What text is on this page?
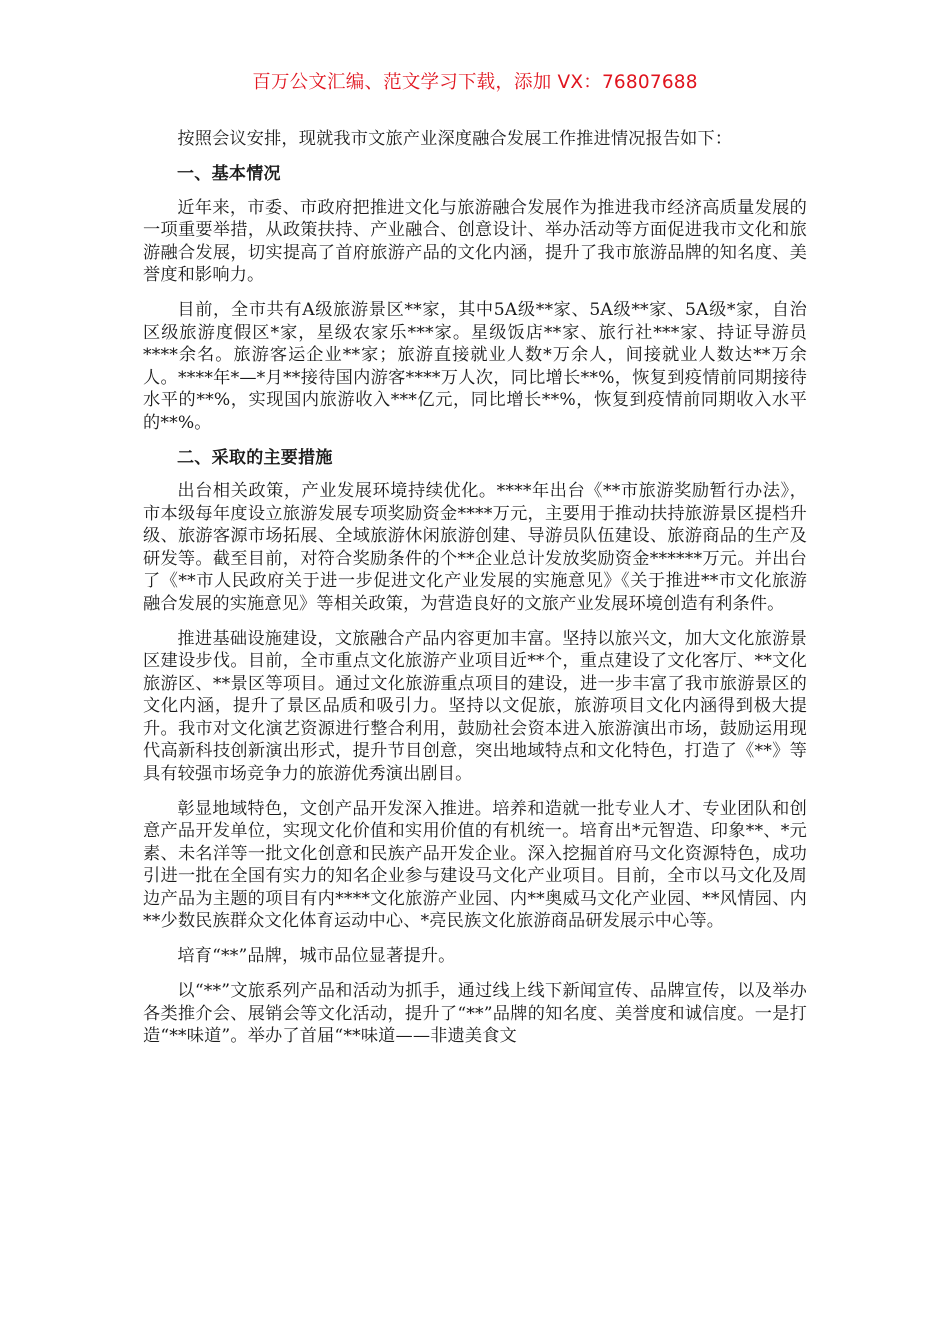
百万公文汇编、范文学习下载，添加 VX：76807688

按照会议安排，现就我市文旅产业深度融合发展工作推进情况报告如下：

一、基本情况

近年来，市委、市政府把推进文化与旅游融合发展作为推进我市经济高质量发展的一项重要举措，从政策扶持、产业融合、创意设计、举办活动等方面促进我市文化和旅游融合发展，切实提高了首府旅游产品的文化内涵，提升了我市旅游品牌的知名度、美誉度和影响力。

目前，全市共有A级旅游景区**家，其中5A级**家、5A级**家、5A级*家，自治区级旅游度假区*家，星级农家乐***家。星级饭店**家、旅行社***家、持证导游员****余名。旅游客运企业**家；旅游直接就业人数*万余人，间接就业人数达**万余人。****年*—*月**接待国内游客****万人次，同比增长**%，恢复到疫情前同期接待水平的**%，实现国内旅游收入***亿元，同比增长**%，恢复到疫情前同期收入水平的**%。

二、采取的主要措施

出台相关政策，产业发展环境持续优化。****年出台《**市旅游奖励暂行办法》，市本级每年度设立旅游发展专项奖励资金****万元，主要用于推动扶持旅游景区提档升级、旅游客源市场拓展、全域旅游休闲旅游创建、导游员队伍建设、旅游商品的生产及研发等。截至目前，对符合奖励条件的个**企业总计发放奖励资金******万元。并出台了《**市人民政府关于进一步促进文化产业发展的实施意见》《关于推进**市文化旅游融合发展的实施意见》等相关政策，为营造良好的文旅产业发展环境创造有利条件。

推进基础设施建设，文旅融合产品内容更加丰富。坚持以旅兴文，加大文化旅游景区建设步伐。目前，全市重点文化旅游产业项目近**个，重点建设了文化客厅、**文化旅游区、**景区等项目。通过文化旅游重点项目的建设，进一步丰富了我市旅游景区的文化内涵，提升了景区品质和吸引力。坚持以文促旅，旅游项目文化内涵得到极大提升。我市对文化演艺资源进行整合利用，鼓励社会资本进入旅游演出市场，鼓励运用现代高新科技创新演出形式，提升节目创意，突出地域特点和文化特色，打造了《**》等具有较强市场竞争力的旅游优秀演出剧目。

彰显地域特色，文创产品开发深入推进。培养和造就一批专业人才、专业团队和创意产品开发单位，实现文化价值和实用价值的有机统一。培育出*元智造、印象**、*元素、未名洋等一批文化创意和民族产品开发企业。深入挖掘首府马文化资源特色，成功引进一批在全国有实力的知名企业参与建设马文化产业项目。目前，全市以马文化及周边产品为主题的项目有内****文化旅游产业园、内**奥威马文化产业园、**风情园、内**少数民族群众文化体育运动中心、*亮民族文化旅游商品研发展示中心等。

培育“**”品牌，城市品位显著提升。

以“**”文旅系列产品和活动为抓手，通过线上线下新闻宣传、品牌宣传，以及举办各类推介会、展销会等文化活动，提升了“**”品牌的知名度、美誉度和诚信度。一是打造“**味道”。举办了首届“**味道——非遗美食文
